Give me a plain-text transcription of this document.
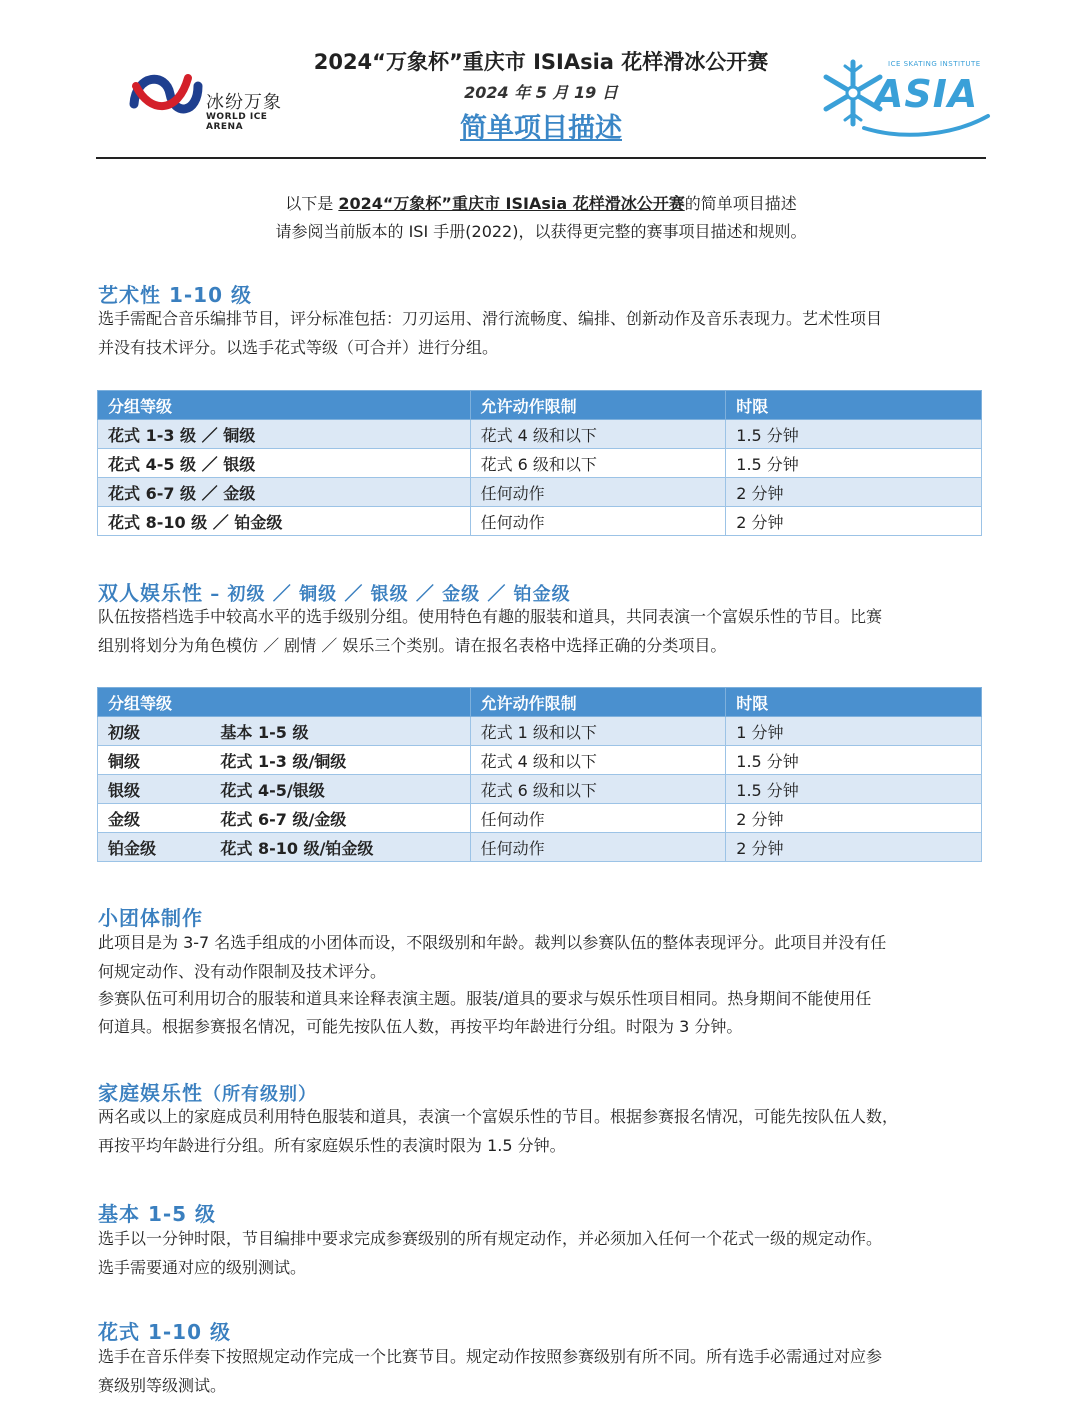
冰纷万象
WORLD ICE ARENA
2024“万象杯”重庆市 ISIAsia 花样滑冰公开赛
2024 年 5 月 19 日
简单项目描述
ICE SKATING INSTITUTE
ASIA
以下是 2024“万象杯”重庆市 ISIAsia 花样滑冰公开赛的简单项目描述
请参阅当前版本的 ISI 手册(2022)，以获得更完整的赛事项目描述和规则。
艺术性 1-10 级
选手需配合音乐编排节目，评分标准包括：刀刃运用、滑行流畅度、编排、创新动作及音乐表现力。艺术性项目
并没有技术评分。以选手花式等级（可合并）进行分组。
分组等级	允许动作限制	时限
花式 1-3 级 ／ 铜级	花式 4 级和以下	1.5 分钟
花式 4-5 级 ／ 银级	花式 6 级和以下	1.5 分钟
花式 6-7 级 ／ 金级	任何动作	2 分钟
花式 8-10 级 ／ 铂金级	任何动作	2 分钟
双人娱乐性 – 初级 ／ 铜级 ／ 银级 ／ 金级 ／ 铂金级
队伍按搭档选手中较高水平的选手级别分组。使用特色有趣的服装和道具，共同表演一个富娱乐性的节目。比赛
组别将划分为角色模仿 ／ 剧情 ／ 娱乐三个类别。请在报名表格中选择正确的分类项目。
分组等级		允许动作限制	时限
初级	基本 1-5 级	花式 1 级和以下	1 分钟
铜级	花式 1-3 级/铜级	花式 4 级和以下	1.5 分钟
银级	花式 4-5/银级	花式 6 级和以下	1.5 分钟
金级	花式 6-7 级/金级	任何动作	2 分钟
铂金级	花式 8-10 级/铂金级	任何动作	2 分钟
小团体制作
此项目是为 3-7 名选手组成的小团体而设，不限级别和年龄。裁判以参赛队伍的整体表现评分。此项目并没有任
何规定动作、没有动作限制及技术评分。
参赛队伍可利用切合的服装和道具来诠释表演主题。服装/道具的要求与娱乐性项目相同。热身期间不能使用任
何道具。根据参赛报名情况，可能先按队伍人数，再按平均年龄进行分组。时限为 3 分钟。
家庭娱乐性（所有级别）
两名或以上的家庭成员利用特色服装和道具，表演一个富娱乐性的节目。根据参赛报名情况，可能先按队伍人数，
再按平均年龄进行分组。所有家庭娱乐性的表演时限为 1.5 分钟。
基本 1-5 级
选手以一分钟时限，节目编排中要求完成参赛级别的所有规定动作，并必须加入任何一个花式一级的规定动作。
选手需要通对应的级别测试。
花式 1-10 级
选手在音乐伴奏下按照规定动作完成一个比赛节目。规定动作按照参赛级别有所不同。所有选手必需通过对应参
赛级别等级测试。
